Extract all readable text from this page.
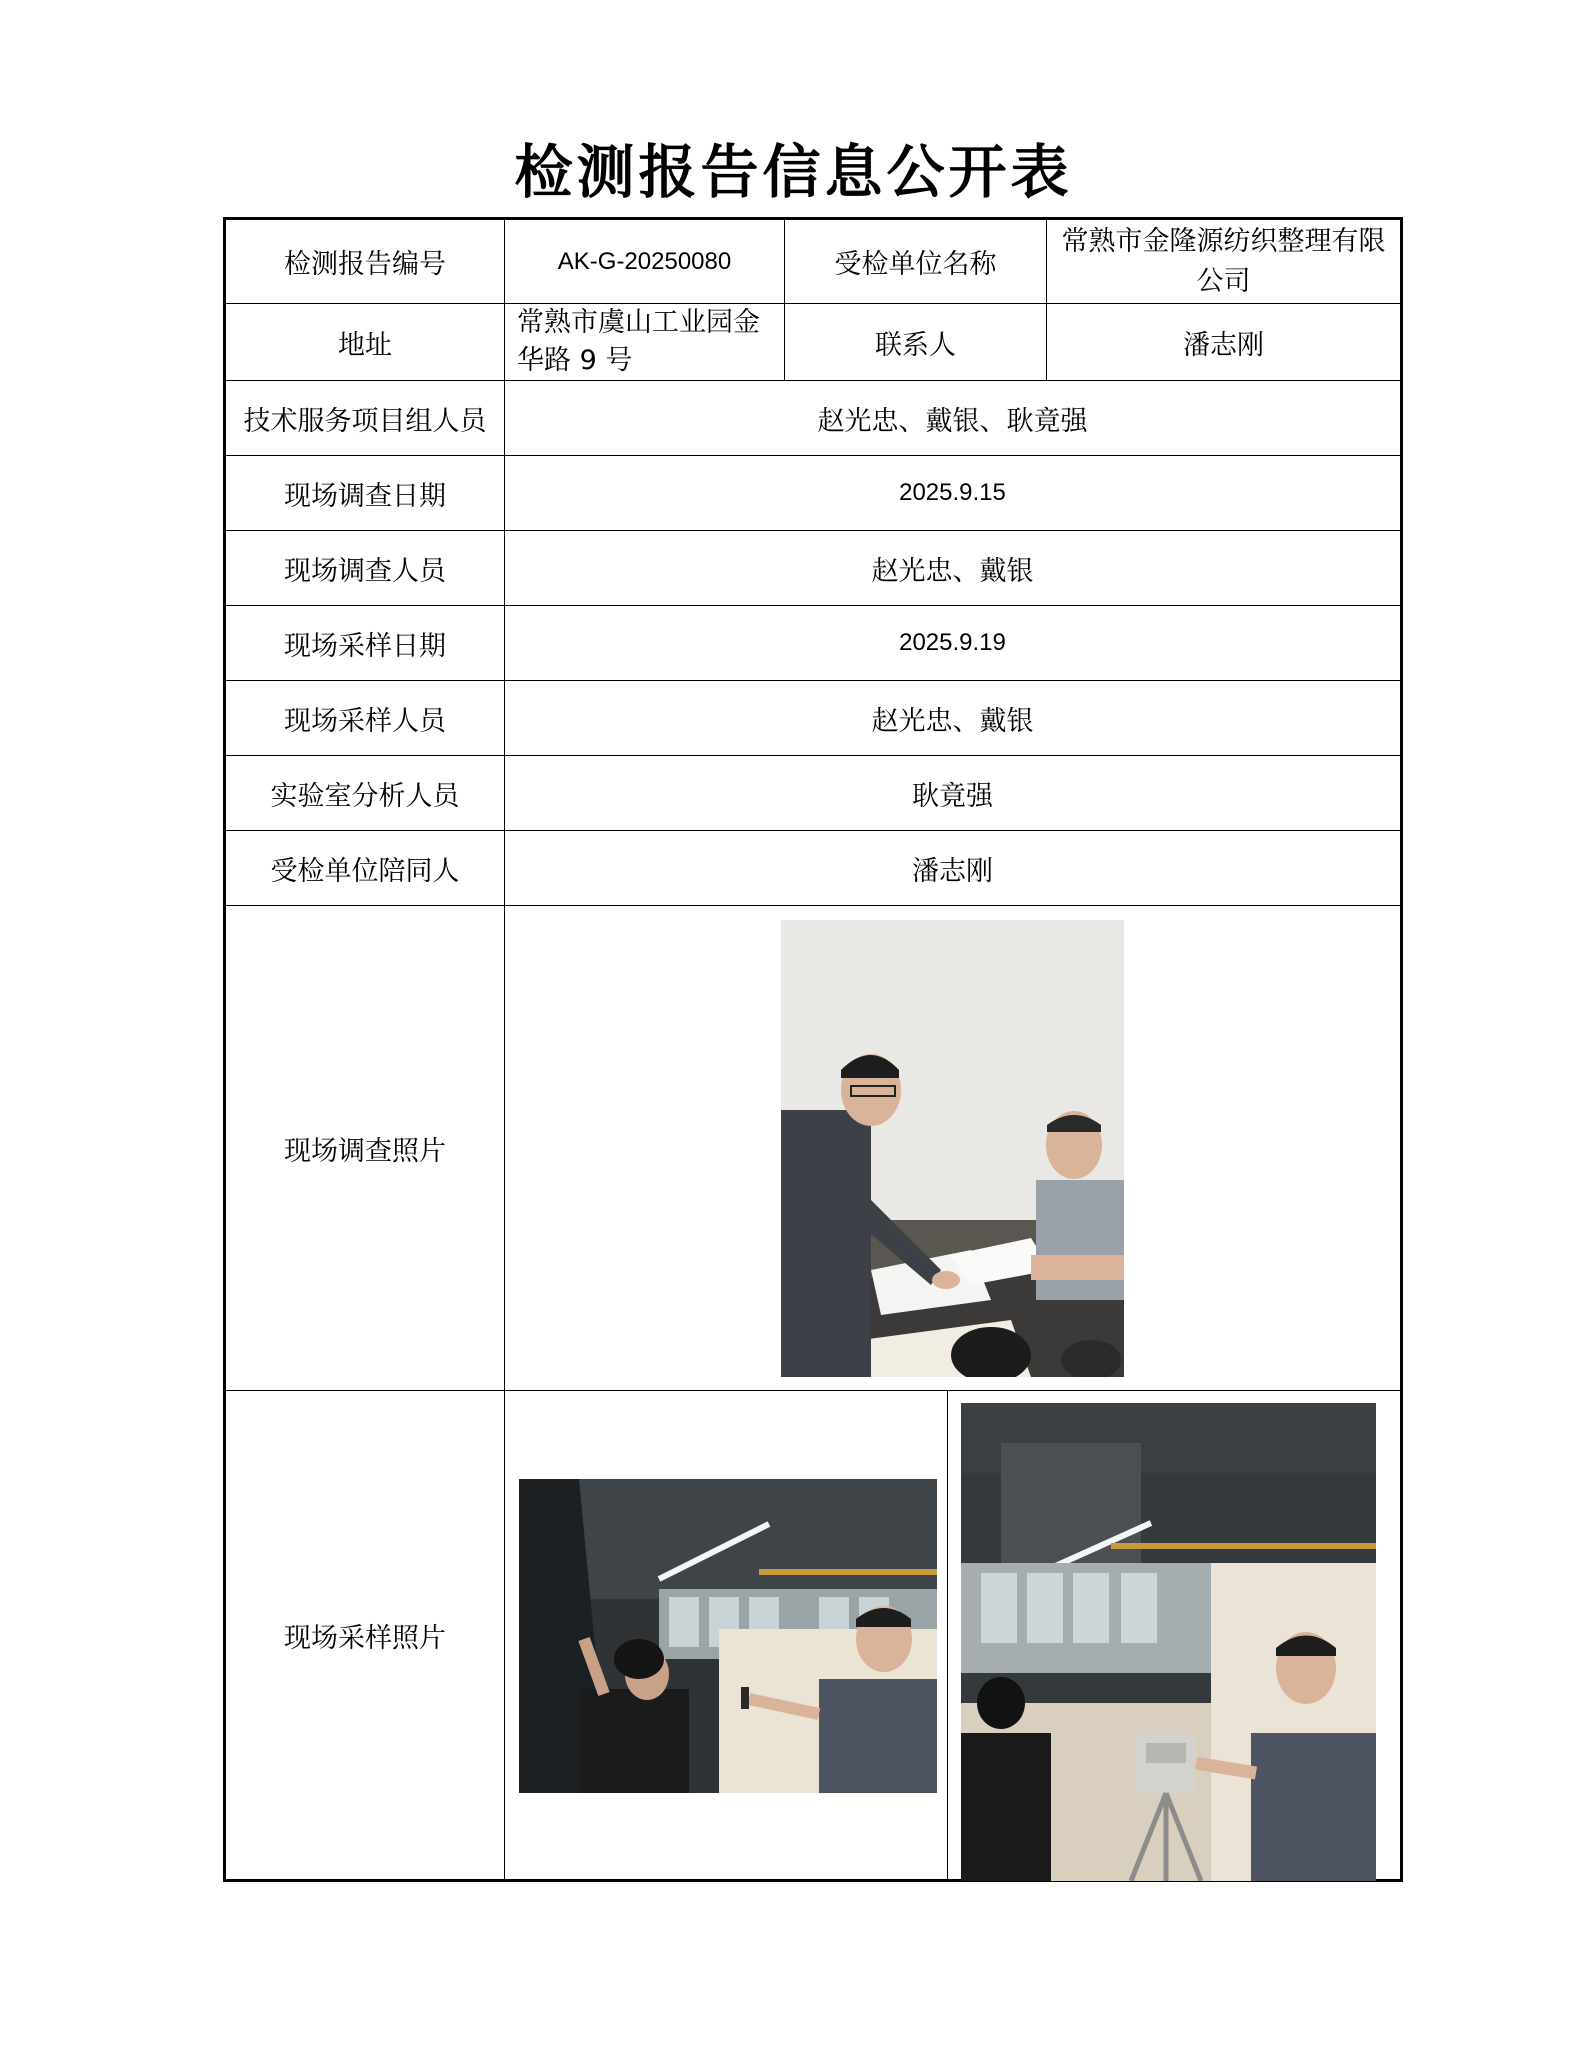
检测报告信息公开表
检测报告编号	AK-G-20250080	受检单位名称	常熟市金隆源纺织整理有限公司
地址	常熟市虞山工业园金华路 9 号	联系人	潘志刚
技术服务项目组人员	赵光忠、戴银、耿竟强		
现场调查日期	2025.9.15		
现场调查人员	赵光忠、戴银		
现场采样日期	2025.9.19		
现场采样人员	赵光忠、戴银		
实验室分析人员	耿竟强		
受检单位陪同人	潘志刚		
现场调查照片	

现场采样照片	
